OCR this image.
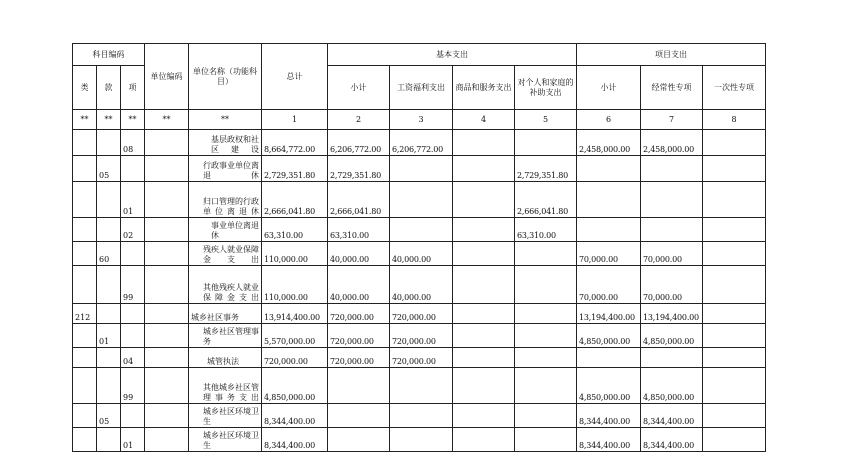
科目编码			单位编码	单位名称（功能科目）	总计	基本支出				项目支出		
类	款	项				小计	工资福利支出	商品和服务支出	对个人和家庭的补助支出	小计	经常性专项	一次性专项
**	**	**	**	**	1	2	3	4	5	6	7	8
		08		基层政权和社区建设	8,664,772.00	6,206,772.00	6,206,772.00			2,458,000.00	2,458,000.00	
	05			行政事业单位离退休	2,729,351.80	2,729,351.80			2,729,351.80			
		01		归口管理的行政单位离退休	2,666,041.80	2,666,041.80			2,666,041.80			
		02		事业单位离退休	63,310.00	63,310.00			63,310.00			
	60			残疾人就业保障金支出	110,000.00	40,000.00	40,000.00			70,000.00	70,000.00	
		99		其他残疾人就业保障金支出	110,000.00	40,000.00	40,000.00			70,000.00	70,000.00	
212				城乡社区事务	13,914,400.00	720,000.00	720,000.00			13,194,400.00	13,194,400.00	
	01			城乡社区管理事务	5,570,000.00	720,000.00	720,000.00			4,850,000.00	4,850,000.00	
		04		城管执法	720,000.00	720,000.00	720,000.00					
		99		其他城乡社区管理事务支出	4,850,000.00					4,850,000.00	4,850,000.00	
	05			城乡社区环境卫生	8,344,400.00					8,344,400.00	8,344,400.00	
		01		城乡社区环境卫生	8,344,400.00					8,344,400.00	8,344,400.00	
